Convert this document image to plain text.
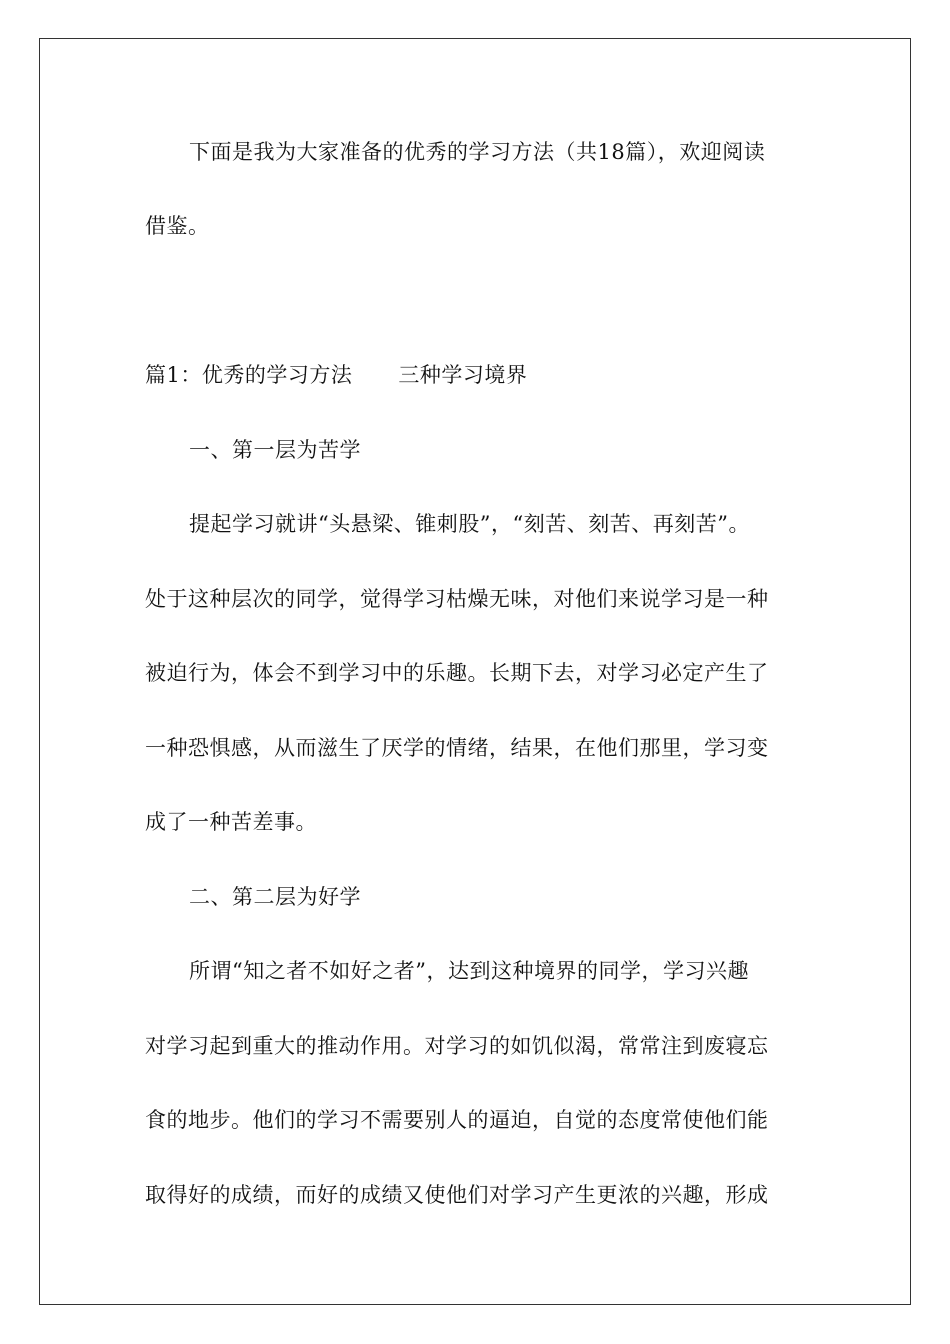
下面是我为大家准备的优秀的学习方法（共18篇），欢迎阅读
借鉴。
篇1：优秀的学习方法 三种学习境界
一、第一层为苦学
提起学习就讲“头悬梁、锥刺股”，“刻苦、刻苦、再刻苦”。
处于这种层次的同学，觉得学习枯燥无味，对他们来说学习是一种
被迫行为，体会不到学习中的乐趣。长期下去，对学习必定产生了
一种恐惧感，从而滋生了厌学的情绪，结果，在他们那里，学习变
成了一种苦差事。
二、第二层为好学
所谓“知之者不如好之者”，达到这种境界的同学，学习兴趣
对学习起到重大的推动作用。对学习的如饥似渴，常常注到废寝忘
食的地步。他们的学习不需要别人的逼迫，自觉的态度常使他们能
取得好的成绩，而好的成绩又使他们对学习产生更浓的兴趣，形成
